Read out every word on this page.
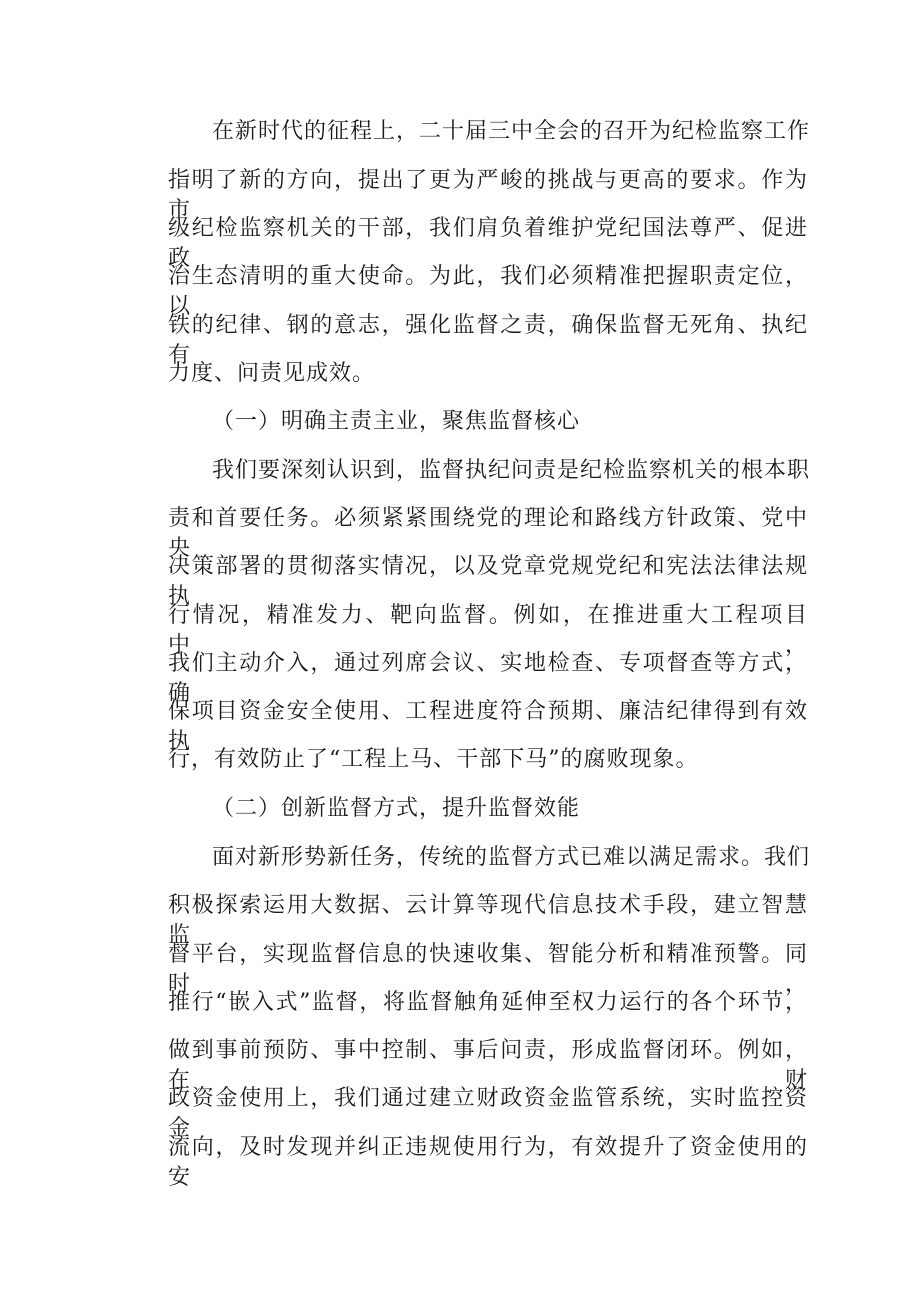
在新时代的征程上，二十届三中全会的召开为纪检监察工作
指明了新的方向，提出了更为严峻的挑战与更高的要求。作为市
级纪检监察机关的干部，我们肩负着维护党纪国法尊严、促进政
治生态清明的重大使命。为此，我们必须精准把握职责定位，以
铁的纪律、钢的意志，强化监督之责，确保监督无死角、执纪有
力度、问责见成效。
（一）明确主责主业，聚焦监督核心
我们要深刻认识到，监督执纪问责是纪检监察机关的根本职
责和首要任务。必须紧紧围绕党的理论和路线方针政策、党中央
决策部署的贯彻落实情况，以及党章党规党纪和宪法法律法规执
行情况，精准发力、靶向监督。例如，在推进重大工程项目中，
我们主动介入，通过列席会议、实地检查、专项督查等方式，确
保项目资金安全使用、工程进度符合预期、廉洁纪律得到有效执
行，有效防止了“工程上马、干部下马”的腐败现象。
（二）创新监督方式，提升监督效能
面对新形势新任务，传统的监督方式已难以满足需求。我们
积极探索运用大数据、云计算等现代信息技术手段，建立智慧监
督平台，实现监督信息的快速收集、智能分析和精准预警。同时，
推行“嵌入式”监督，将监督触角延伸至权力运行的各个环节，
做到事前预防、事中控制、事后问责，形成监督闭环。例如，在财
政资金使用上，我们通过建立财政资金监管系统，实时监控资金
流向，及时发现并纠正违规使用行为，有效提升了资金使用的安
